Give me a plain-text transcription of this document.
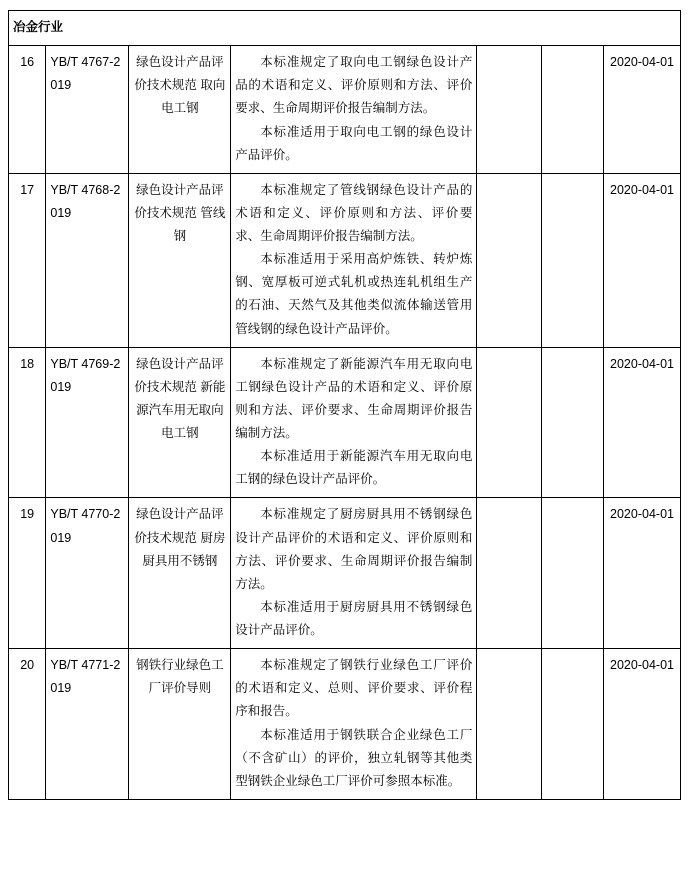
冶金行业						
16	YB/T 4767-2019	绿色设计产品评价技术规范 取向电工钢	本标准规定了取向电工钢绿色设计产品的术语和定义、评价原则和方法、评价要求、生命周期评价报告编制方法。

本标准适用于取向电工钢的绿色设计产品评价。			2020-04-01
17	YB/T 4768-2019	绿色设计产品评价技术规范 管线钢	本标准规定了管线钢绿色设计产品的术语和定义、评价原则和方法、评价要求、生命周期评价报告编制方法。

本标准适用于采用高炉炼铁、转炉炼钢、宽厚板可逆式轧机或热连轧机组生产的石油、天然气及其他类似流体输送管用管线钢的绿色设计产品评价。			2020-04-01
18	YB/T 4769-2019	绿色设计产品评价技术规范 新能源汽车用无取向电工钢	本标准规定了新能源汽车用无取向电工钢绿色设计产品的术语和定义、评价原则和方法、评价要求、生命周期评价报告编制方法。

本标准适用于新能源汽车用无取向电工钢的绿色设计产品评价。			2020-04-01
19	YB/T 4770-2019	绿色设计产品评价技术规范 厨房厨具用不锈钢	本标准规定了厨房厨具用不锈钢绿色设计产品评价的术语和定义、评价原则和方法、评价要求、生命周期评价报告编制方法。

本标准适用于厨房厨具用不锈钢绿色设计产品评价。			2020-04-01
20	YB/T 4771-2019	钢铁行业绿色工厂评价导则	本标准规定了钢铁行业绿色工厂评价的术语和定义、总则、评价要求、评价程序和报告。

本标准适用于钢铁联合企业绿色工厂（不含矿山）的评价，独立轧钢等其他类型钢铁企业绿色工厂评价可参照本标准。			2020-04-01
